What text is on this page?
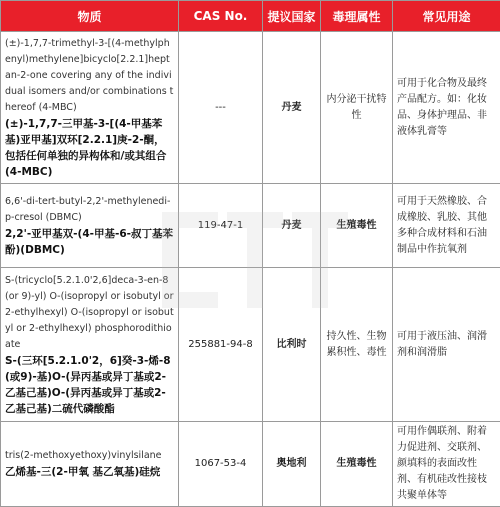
物质	CAS No.	提议国家	毒理属性	常见用途

(±)-1,7,7-trimethyl-3-[(4-methylphenyl)methylene]bicyclo[2.2.1]heptan-2-one covering any of the individual isomers and/or combinations thereof (4-MBC)
(±)-1,7,7-三甲基-3-[(4-甲基苯基)亚甲基]双环[2.2.1]庚-2-酮，包括任何单独的异构体和/或其组合(4-MBC)	---	丹麦	内分泌干扰特性	可用于化合物及最终产品配方。如：化妆品、身体护理品、非液体乳膏等

6,6'-di-tert-butyl-2,2'-methylenedi-p-cresol (DBMC)
2,2'-亚甲基双-(4-甲基-6-叔丁基苯酚)(DBMC)	119-47-1	丹麦	生殖毒性	可用于天然橡胶、合成橡胶、乳胶、其他多种合成材料和石油制品中作抗氧剂

S-(tricyclo[5.2.1.0'2,6]deca-3-en-8(or 9)-yl) O-(isopropyl or isobutyl or 2-ethylhexyl) O-(isopropyl or isobutyl or 2-ethylhexyl) phosphorodithioate
S-(三环[5.2.1.0'2，6]癸-3-烯-8(或9)-基)O-(异丙基或异丁基或2-乙基己基)O-(异丙基或异丁基或2-乙基己基)二硫代磷酸酯	255881-94-8	比利时	持久性、生物累积性、毒性	可用于液压油、润滑剂和润滑脂

tris(2-methoxyethoxy)vinylsilane
乙烯基-三(2-甲氧 基乙氧基)硅烷	1067-53-4	奥地利	生殖毒性	可用作偶联剂、附着力促进剂、交联剂、颜填料的表面改性剂、有机硅改性接枝共聚单体等
